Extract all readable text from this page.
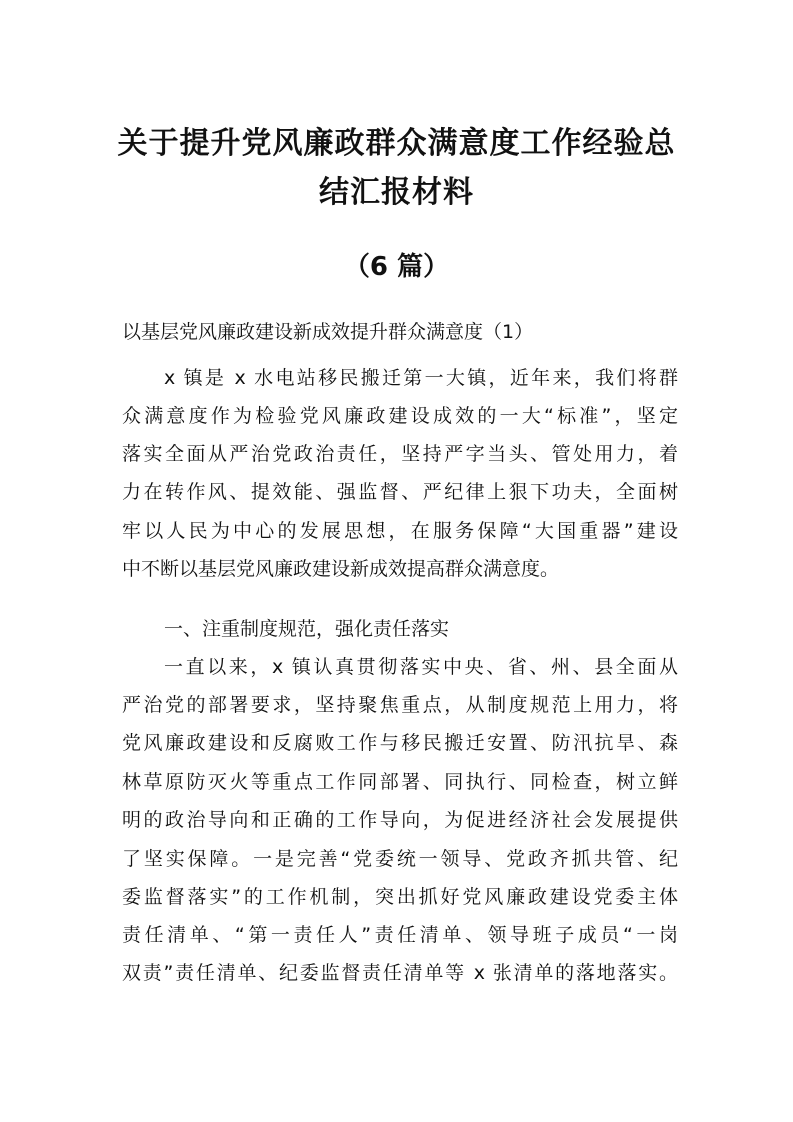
关于提升党风廉政群众满意度工作经验总
结汇报材料
（6 篇）

以基层党风廉政建设新成效提升群众满意度（1）

x 镇是 x 水电站移民搬迁第一大镇，近年来，我们将群

众满意度作为检验党风廉政建设成效的一大“标准”，坚定

落实全面从严治党政治责任，坚持严字当头、管处用力，着

力在转作风、提效能、强监督、严纪律上狠下功夫，全面树

牢以人民为中心的发展思想，在服务保障“大国重器”建设

中不断以基层党风廉政建设新成效提高群众满意度。

一、注重制度规范，强化责任落实

一直以来，x 镇认真贯彻落实中央、省、州、县全面从

严治党的部署要求，坚持聚焦重点，从制度规范上用力，将

党风廉政建设和反腐败工作与移民搬迁安置、防汛抗旱、森

林草原防灭火等重点工作同部署、同执行、同检查，树立鲜

明的政治导向和正确的工作导向，为促进经济社会发展提供

了坚实保障。一是完善“党委统一领导、党政齐抓共管、纪

委监督落实”的工作机制，突出抓好党风廉政建设党委主体

责任清单、“第一责任人”责任清单、领导班子成员“一岗

双责”责任清单、纪委监督责任清单等 x 张清单的落地落实。
